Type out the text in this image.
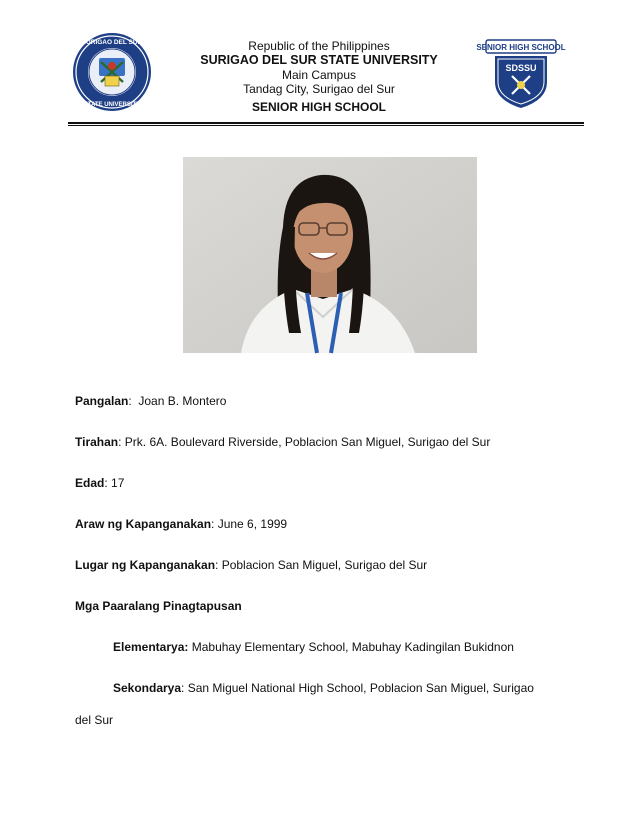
SURIGAO DEL SUR
STATE UNIVERSITY
SENIOR HIGH SCHOOL
SDSSU
Republic of the Philippines
SURIGAO DEL SUR STATE UNIVERSITY
Main Campus
Tandag City, Surigao del Sur
SENIOR HIGH SCHOOL
Pangalan:  Joan B. Montero
Tirahan: Prk. 6A. Boulevard Riverside, Poblacion San Miguel, Surigao del Sur
Edad: 17
Araw ng Kapanganakan: June 6, 1999
Lugar ng Kapanganakan: Poblacion San Miguel, Surigao del Sur
Mga Paaralang Pinagtapusan
Elementarya: Mabuhay Elementary School, Mabuhay Kadingilan Bukidnon
Sekondarya: San Miguel National High School, Poblacion San Miguel, Surigao
del Sur
